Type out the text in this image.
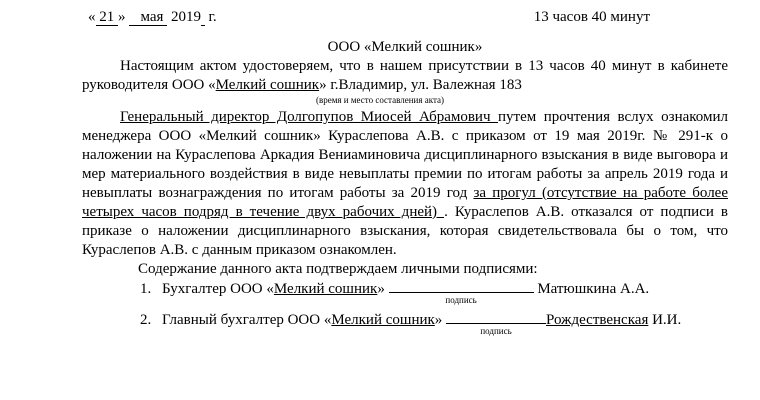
« 21 »    мая  2019  г.	13 часов 40 минут
ООО «Мелкий сошник»

Настоящим актом удостоверяем, что в нашем присутствии в 13 часов 40 минут в кабинете руководителя ООО «Мелкий сошник» г.Владимир, ул. Валежная 183

(время и место составления акта)

Генеральный директор Долгопупов Миосей Абрамович путем прочтения вслух ознакомил менеджера ООО «Мелкий сошник» Кураслепова А.В. с приказом от 19 мая 2019г. № 291-к о наложении на Кураслепова Аркадия Вениаминовича дисциплинарного взыскания в виде выговора и мер материального воздействия в виде невыплаты премии по итогам работы за апрель 2019 года и невыплаты вознаграждения по итогам работы за 2019 год за прогул (отсутствие на работе более четырех часов подряд в течение двух рабочих дней) . Кураслепов А.В. отказался от подписи в приказе о наложении дисциплинарного взыскания, которая свидетельствовала бы о том, что Кураслепов А.В. с данным приказом ознакомлен.

Содержание данного акта подтверждаем личными подписями:

1. Бухгалтер ООО «Мелкий сошник»
подпись
Матюшкина А.А.
2. Главный бухгалтер ООО «Мелкий сошник»
подпись
Рождественская И.И.
